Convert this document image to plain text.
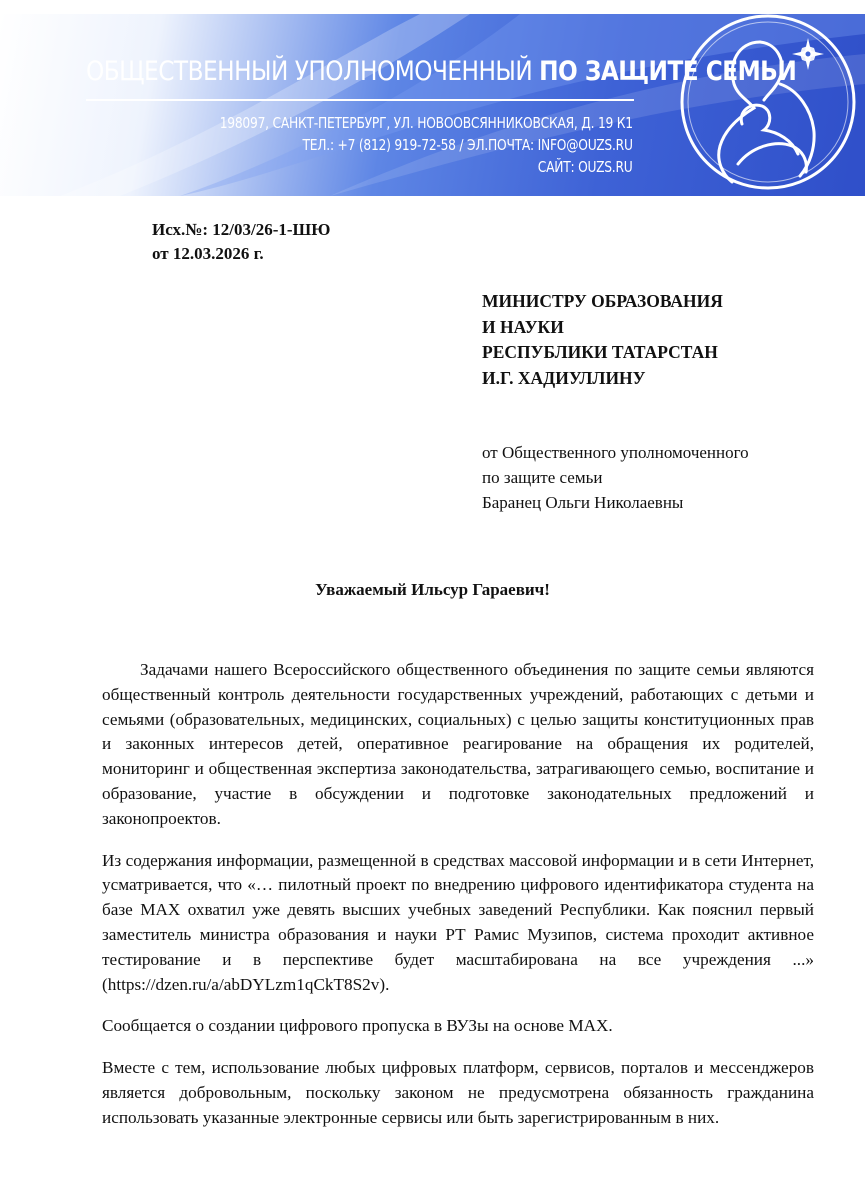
ОБЩЕСТВЕННЫЙ УПОЛНОМОЧЕННЫЙ ПО ЗАЩИТЕ СЕМЬИ
198097, САНКТ-ПЕТЕРБУРГ, УЛ. НОВООВСЯННИКОВСКАЯ, Д. 19 К1
ТЕЛ.: +7 (812) 919-72-58 / ЭЛ.ПОЧТА: INFO@OUZS.RU
САЙТ: OUZS.RU
Исх.№: 12/03/26-1-ШЮ
от 12.03.2026 г.
МИНИСТРУ ОБРАЗОВАНИЯ
И НАУКИ
РЕСПУБЛИКИ ТАТАРСТАН
И.Г. ХАДИУЛЛИНУ
от Общественного уполномоченного
по защите семьи
Баранец Ольги Николаевны
Уважаемый Ильсур Гараевич!

Задачами нашего Всероссийского общественного объединения по защите семьи являются общественный контроль деятельности государственных учреждений, работающих с детьми и семьями (образовательных, медицинских, социальных) с целью защиты конституционных прав и законных интересов детей, оперативное реагирование на обращения их родителей, мониторинг и общественная экспертиза законодательства, затрагивающего семью, воспитание и образование, участие в обсуждении и подготовке законодательных предложений и законопроектов.

Из содержания информации, размещенной в средствах массовой информации и в сети Интернет, усматривается, что «… пилотный проект по внедрению цифрового идентификатора студента на базе МАХ охватил уже девять высших учебных заведений Республики. Как пояснил первый заместитель министра образования и науки РТ Рамис Музипов, система проходит активное тестирование и в перспективе будет масштабирована на все учреждения ...» (https://dzen.ru/a/abDYLzm1qCkT8S2v).

Сообщается о создании цифрового пропуска в ВУЗы на основе МАХ.

Вместе с тем, использование любых цифровых платформ, сервисов, порталов и мессенджеров является добровольным, поскольку законом не предусмотрена обязанность гражданина использовать указанные электронные сервисы или быть зарегистрированным в них.
